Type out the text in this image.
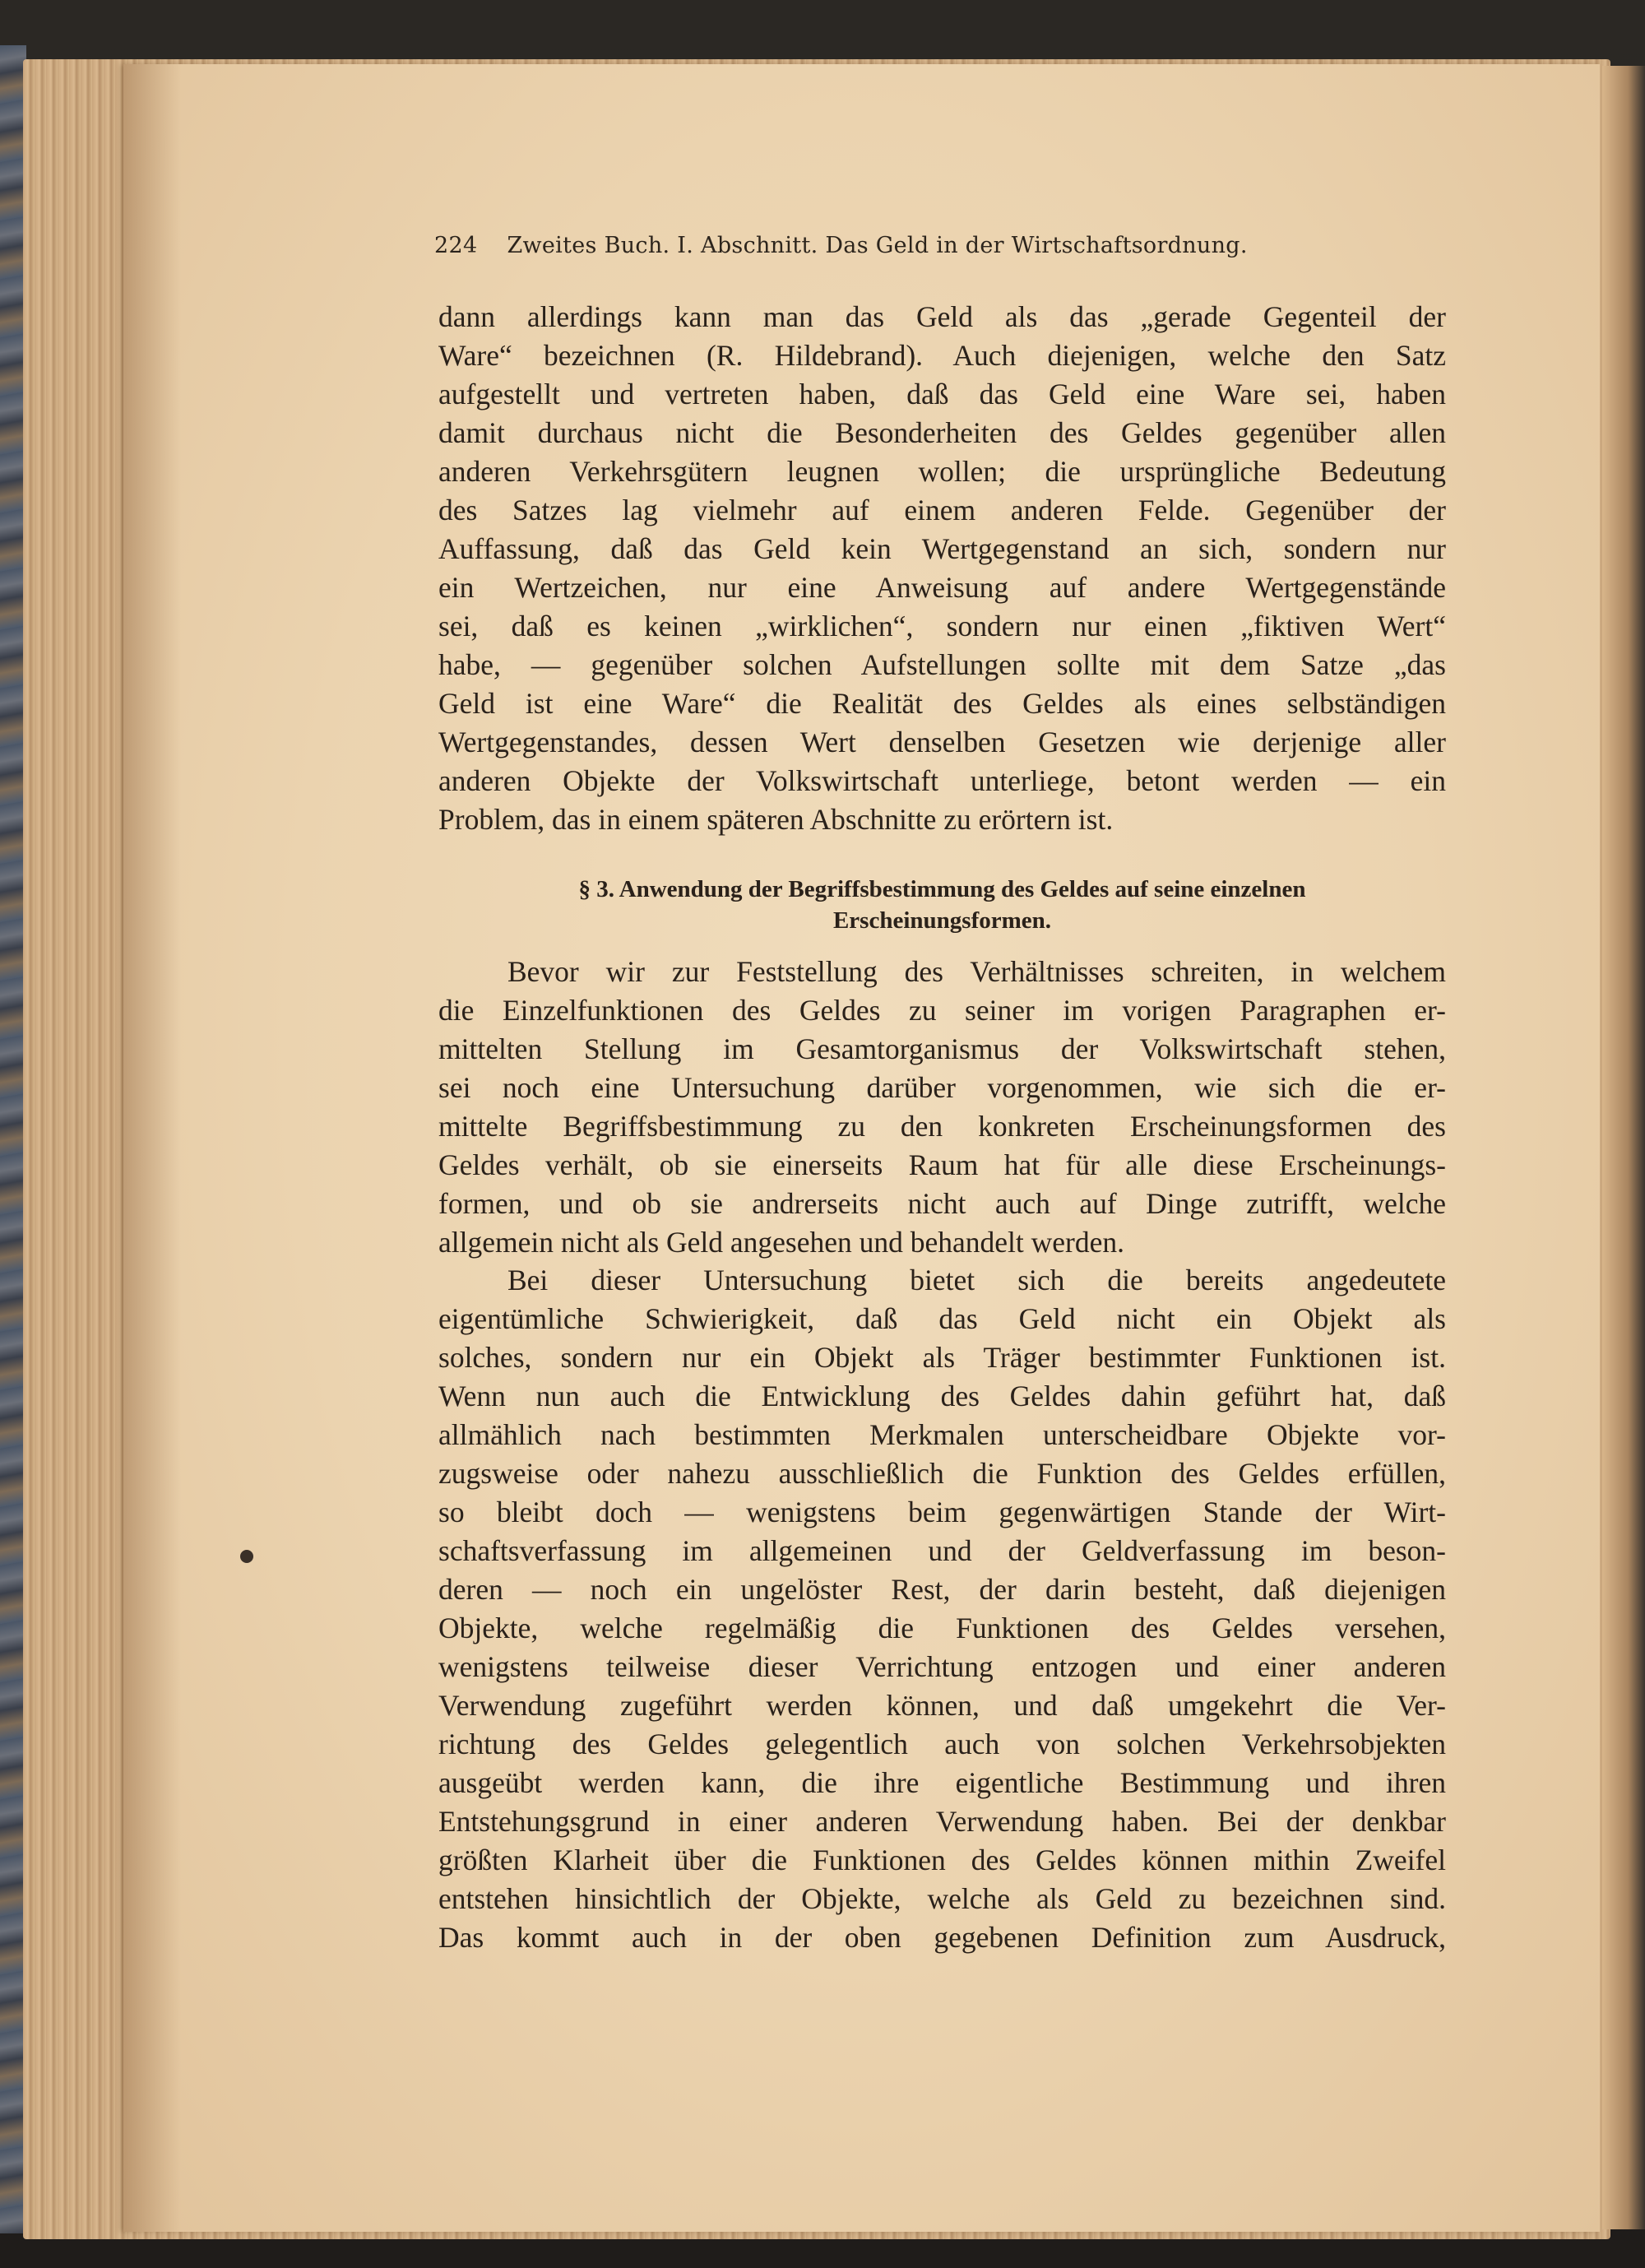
224 Zweites Buch. I. Abschnitt. Das Geld in der Wirtschaftsordnung.
dann allerdings kann man das Geld als das „gerade Gegenteil der
Ware“ bezeichnen (R. Hildebrand). Auch diejenigen, welche den Satz
aufgestellt und vertreten haben, daß das Geld eine Ware sei, haben
damit durchaus nicht die Besonderheiten des Geldes gegenüber allen
anderen Verkehrsgütern leugnen wollen; die ursprüngliche Bedeutung
des Satzes lag vielmehr auf einem anderen Felde. Gegenüber der
Auffassung, daß das Geld kein Wertgegenstand an sich, sondern nur
ein Wertzeichen, nur eine Anweisung auf andere Wertgegenstände
sei, daß es keinen „wirklichen“, sondern nur einen „fiktiven Wert“
habe, — gegenüber solchen Aufstellungen sollte mit dem Satze „das
Geld ist eine Ware“ die Realität des Geldes als eines selbständigen
Wertgegenstandes, dessen Wert denselben Gesetzen wie derjenige aller
anderen Objekte der Volkswirtschaft unterliege, betont werden — ein
Problem, das in einem späteren Abschnitte zu erörtern ist.
§ 3. Anwendung der Begriffsbestimmung des Geldes auf seine einzelnen
Erscheinungsformen.
Bevor wir zur Feststellung des Verhältnisses schreiten, in welchem
die Einzelfunktionen des Geldes zu seiner im vorigen Paragraphen er-
mittelten Stellung im Gesamtorganismus der Volkswirtschaft stehen,
sei noch eine Untersuchung darüber vorgenommen, wie sich die er-
mittelte Begriffsbestimmung zu den konkreten Erscheinungsformen des
Geldes verhält, ob sie einerseits Raum hat für alle diese Erscheinungs-
formen, und ob sie andrerseits nicht auch auf Dinge zutrifft, welche
allgemein nicht als Geld angesehen und behandelt werden.
Bei dieser Untersuchung bietet sich die bereits angedeutete
eigentümliche Schwierigkeit, daß das Geld nicht ein Objekt als
solches, sondern nur ein Objekt als Träger bestimmter Funktionen ist.
Wenn nun auch die Entwicklung des Geldes dahin geführt hat, daß
allmählich nach bestimmten Merkmalen unterscheidbare Objekte vor-
zugsweise oder nahezu ausschließlich die Funktion des Geldes erfüllen,
so bleibt doch — wenigstens beim gegenwärtigen Stande der Wirt-
schaftsverfassung im allgemeinen und der Geldverfassung im beson-
deren — noch ein ungelöster Rest, der darin besteht, daß diejenigen
Objekte, welche regelmäßig die Funktionen des Geldes versehen,
wenigstens teilweise dieser Verrichtung entzogen und einer anderen
Verwendung zugeführt werden können, und daß umgekehrt die Ver-
richtung des Geldes gelegentlich auch von solchen Verkehrsobjekten
ausgeübt werden kann, die ihre eigentliche Bestimmung und ihren
Entstehungsgrund in einer anderen Verwendung haben. Bei der denkbar
größten Klarheit über die Funktionen des Geldes können mithin Zweifel
entstehen hinsichtlich der Objekte, welche als Geld zu bezeichnen sind.
Das kommt auch in der oben gegebenen Definition zum Ausdruck,
